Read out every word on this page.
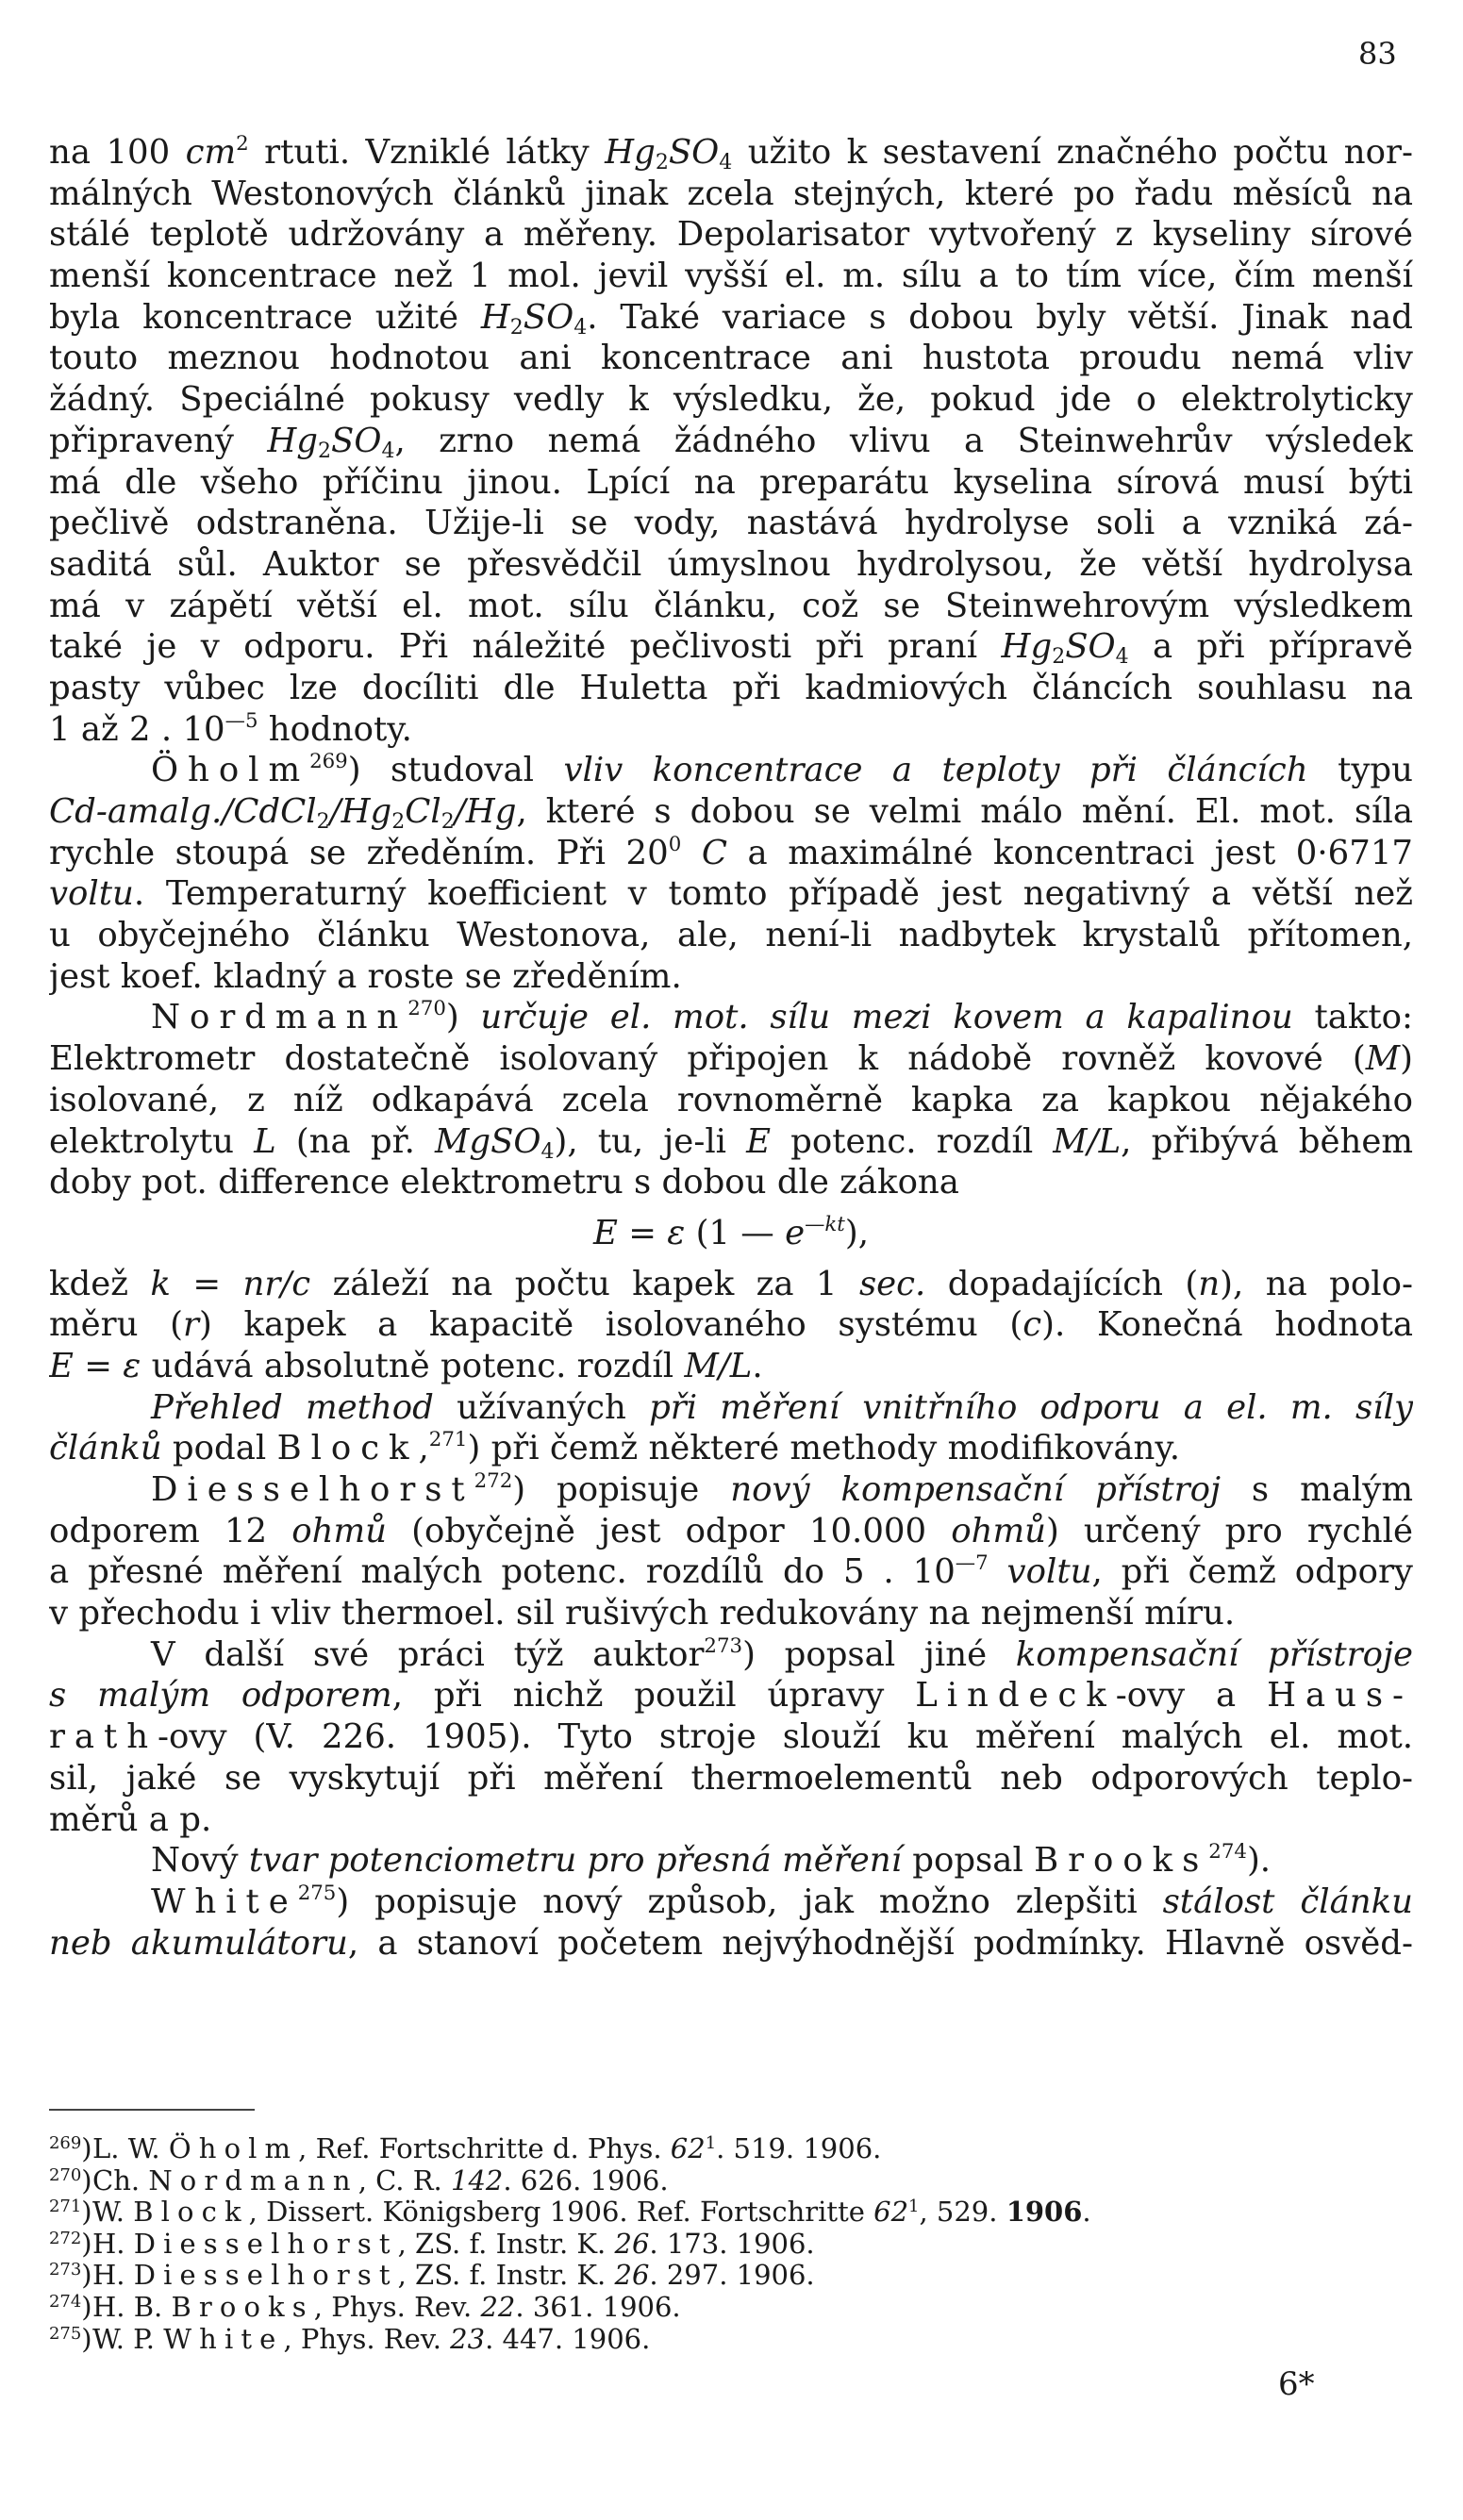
83
na 100 $cm^2$ rtuti. Vzniklé látky $Hg_2SO_4$ užito k sestavení značného počtu nor-
málných Westonových článků jinak zcela stejných, které po řadu měsíců na
stálé teplotě udržovány a měřeny. Depolarisator vytvořený z kyseliny sírové
menší koncentrace než 1 mol. jevil vyšší el. m. sílu a to tím více, čím menší
byla koncentrace užité $H_2SO_4$. Také variace s dobou byly větší. Jinak nad
touto meznou hodnotou ani koncentrace ani hustota proudu nemá vliv
žádný. Speciálné pokusy vedly k výsledku, že, pokud jde o elektrolyticky
připravený $Hg_2SO_4$, zrno nemá žádného vlivu a Steinwehrův výsledek
má dle všeho příčinu jinou. Lpící na preparátu kyselina sírová musí býti
pečlivě odstraněna. Užije-li se vody, nastává hydrolyse soli a vzniká zá-
saditá sůl. Auktor se přesvědčil úmyslnou hydrolysou, že větší hydrolysa
má v zápětí větší el. mot. sílu článku, což se Steinwehrovým výsledkem
také je v odporu. Při náležité pečlivosti při praní $Hg_2SO_4$ a při přípravě
pasty vůbec lze docíliti dle Huletta při kadmiových článcích souhlasu na
1 až 2 . $10^{—5}$ hodnoty.
Öholm$^{269}$) studoval vliv koncentrace a teploty při článcích typu
$Cd-amalg./CdCl_2/Hg_2Cl_2/Hg$, které s dobou se velmi málo mění. El. mot. síla
rychle stoupá se zředěním. Při $20^0$ C a maximálné koncentraci jest 0·6717
voltu. Temperaturný koefficient v tomto případě jest negativný a větší než
u obyčejného článku Westonova, ale, není-li nadbytek krystalů přítomen,
jest koef. kladný a roste se zředěním.
Nordmann$^{270}$) určuje el. mot. sílu mezi kovem a kapalinou takto:
Elektrometr dostatečně isolovaný připojen k nádobě rovněž kovové (M)
isolované, z níž odkapává zcela rovnoměrně kapka za kapkou nějakého
elektrolytu L (na př. MgSO$_4$), tu, je-li E potenc. rozdíl M/L, přibývá během
doby pot. difference elektrometru s dobou dle zákona
E = ε (1 — $e^{—kt}$),
kdež k = nr/c záleží na počtu kapek za 1 sec. dopadajících (n), na polo-
měru (r) kapek a kapacitě isolovaného systému (c). Konečná hodnota
E = ε udává absolutně potenc. rozdíl M/L.
Přehled method užívaných při měření vnitřního odporu a el. m. síly
článků podal Block,$^{271}$) při čemž některé methody modifikovány.
Diesselhorst$^{272}$) popisuje nový kompensační přístroj s malým
odporem 12 ohmů (obyčejně jest odpor 10.000 ohmů) určený pro rychlé
a přesné měření malých potenc. rozdílů do 5 . $10^{—7}$ voltu, při čemž odpory
v přechodu i vliv thermoel. sil rušivých redukovány na nejmenší míru.
V další své práci týž auktor$^{273}$) popsal jiné kompensační přístroje
s malým odporem, při nichž použil úpravy Lindeck-ovy a Haus-
rath-ovy (V. 226. 1905). Tyto stroje slouží ku měření malých el. mot.
sil, jaké se vyskytují při měření thermoelementů neb odporových teplo-
měrů a p.
Nový tvar potenciometru pro přesná měření popsal Brooks$^{274}$).
White$^{275}$) popisuje nový způsob, jak možno zlepšiti stálost článku
neb akumulátoru, a stanoví početem nejvýhodnější podmínky. Hlavně osvěd-
$^{269}$)L. W. Öholm, Ref. Fortschritte d. Phys. $62^1$. 519. 1906.
$^{270}$)Ch. Nordmann, C. R. 142. 626. 1906.
$^{271}$)W. Block, Dissert. Königsberg 1906. Ref. Fortschritte $62^1$, 529. 1906.
$^{272}$)H. Diesselhorst, ZS. f. Instr. K. 26. 173. 1906.
$^{273}$)H. Diesselhorst, ZS. f. Instr. K. 26. 297. 1906.
$^{274}$)H. B. Brooks, Phys. Rev. 22. 361. 1906.
$^{275}$)W. P. White, Phys. Rev. 23. 447. 1906.
6*
